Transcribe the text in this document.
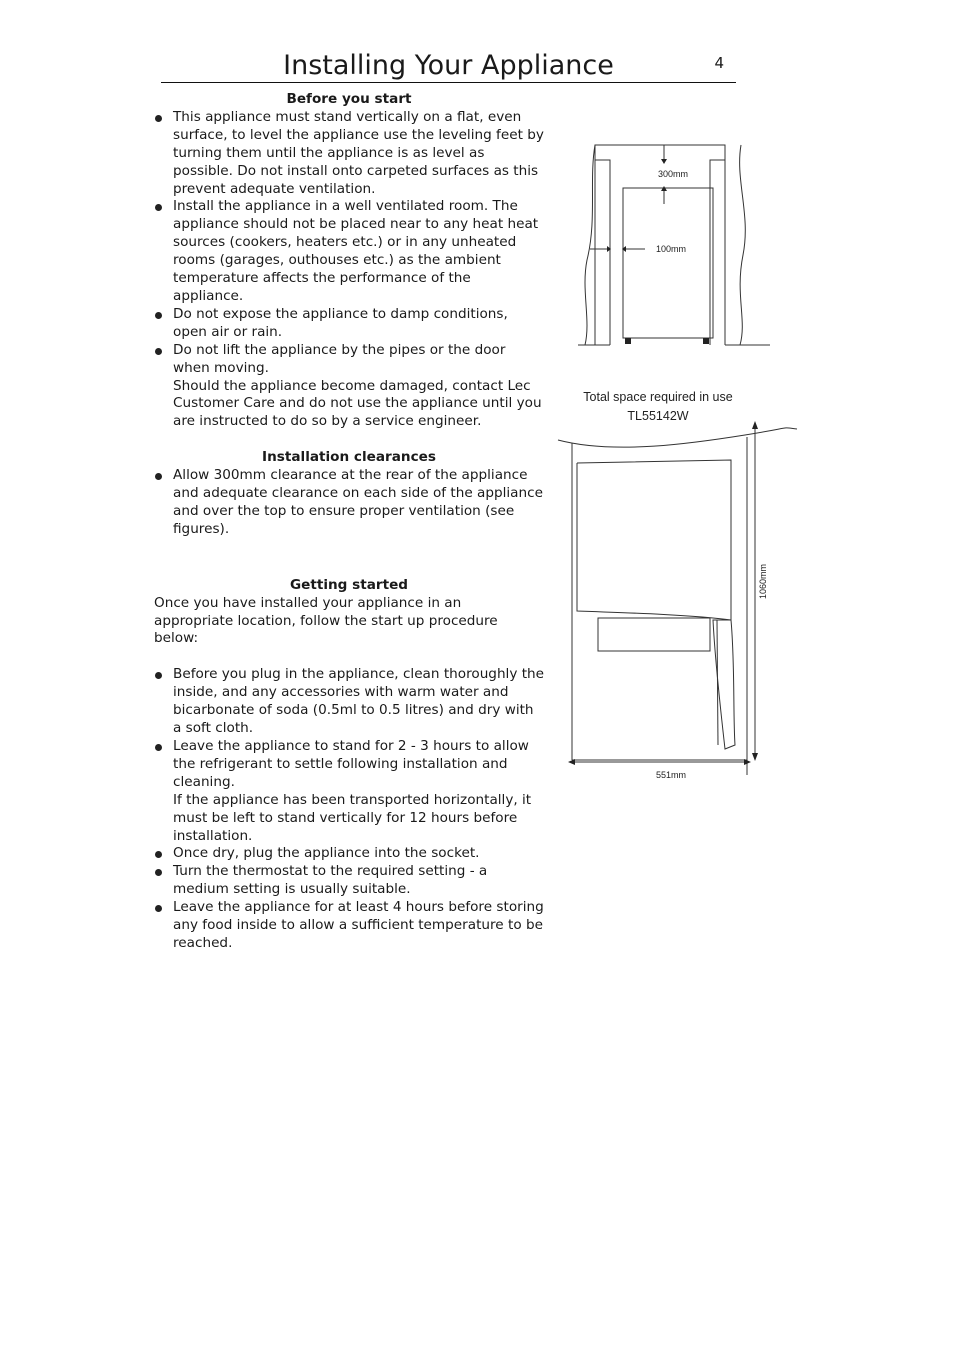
Installing Your Appliance	4
Before you start
This appliance must stand vertically on a flat, even surface, to level the appliance use the leveling feet by turning them until the appliance is as level as possible. Do not install onto carpeted surfaces as this prevent adequate ventilation.
Install the appliance in a well ventilated room. The appliance should not be placed near to any heat heat sources (cookers, heaters etc.) or in any unheated rooms (garages, outhouses etc.) as the ambient temperature affects the performance of the appliance.
Do not expose the appliance to damp conditions, open air or rain.
Do not lift the appliance by the pipes or the door when moving.
Should the appliance become damaged, contact Lec Customer Care and do not use the appliance until you are instructed to do so by a service engineer.
Installation clearances
Allow 300mm clearance at the rear of the appliance and adequate clearance on each side of the appliance and over the top to ensure proper ventilation (see figures).
Getting started

Once you have installed your appliance in an appropriate location, follow the start up procedure below:

Before you plug in the appliance, clean thoroughly the inside, and any accessories with warm water and bicarbonate of soda (0.5ml to 0.5 litres) and dry with a soft cloth.
Leave the appliance to stand for 2 - 3 hours to allow the refrigerant to settle following installation and cleaning.
If the appliance has been transported horizontally, it must be left to stand vertically for 12 hours before installation.
Once dry, plug the appliance into the socket.
Turn the thermostat to the required setting - a medium setting is usually suitable.
Leave the appliance for at least 4 hours before storing any food inside to allow a sufficient temperature to be reached.
300mm
100mm
Total space required in use
TL55142W
1060mm
551mm
